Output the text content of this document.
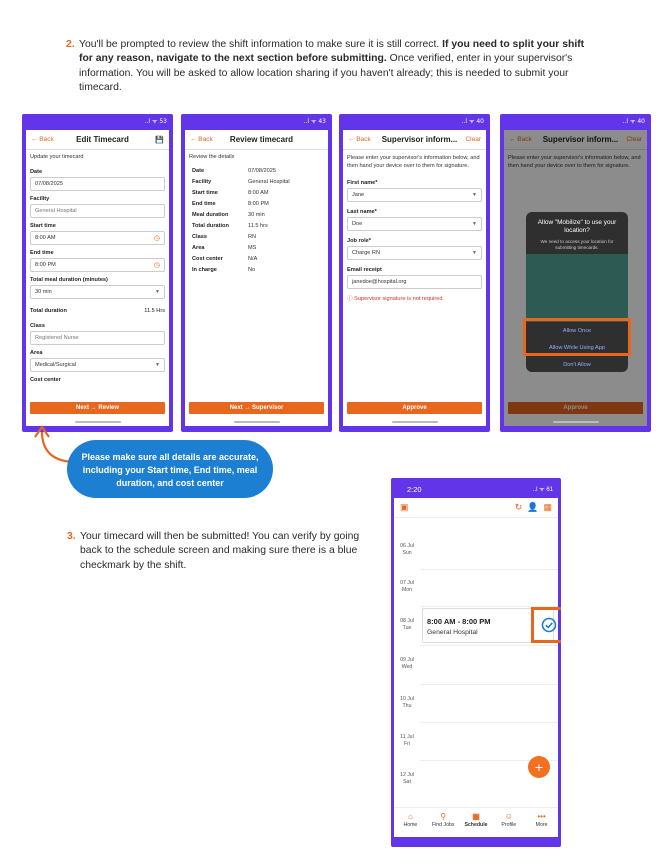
2. You'll be prompted to review the shift information to make sure it is still correct. If you need to split your shift for any reason, navigate to the next section before submitting. Once verified, enter in your supervisor's information. You will be asked to allow location sharing if you haven't already; this is needed to submit your timecard.
..l ᯤ 53
← Back	Edit Timecard	💾
Update your timecard
Date
07/08/2025
Facility
General Hospital
Start time
8:00 AM	◷
End time
8:00 PM	◷
Total meal duration (minutes)
30 min	▼
Total duration	11.5 Hrs
Class
Registered Nurse
Area
Medical/Surgical	▼
Cost center
Next → Review
..l ᯤ 43
← Back	Review timecard
Review the details
Date	07/08/2025
Facility	General Hospital
Start time	8:00 AM
End time	8:00 PM
Meal duration	30 min
Total duration	11.5 hrs
Class	RN
Area	MS
Cost center	N/A
In charge	No
Next → Supervisor
..l ᯤ 40
← Back	Supervisor inform...	Clear
Please enter your supervisor's information below, and then hand your device over to them for signature.
First name*
Jane	▼
Last name*
Doe	▼
Job role*
Charge RN	▼
Email receipt
janedoe@hospital.org
ⓘ Supervisor signature is not required.
Approve
..l ᯤ 40
← Back	Supervisor inform...	Clear
Please enter your supervisor's information below, and then hand your device over to them for signature.
Approve
Allow "Mobilize" to use your location?
We need to access your location for submitting timecards.
Allow Once
Allow While Using App
Don't Allow
Please make sure all details are accurate, including your Start time, End time, meal duration, and cost center
3. Your timecard will then be submitted! You can verify by going back to the schedule screen and making sure there is a blue checkmark by the shift.
2:20	..l ᯤ 61
▣	↻ 👤 ▦
06 Jul
Sun
07 Jul
Mon
08 Jul
Tue
8:00 AM - 8:00 PM
General Hospital
09 Jul
Wed
10 Jul
Thu
11 Jul
Fri
12 Jul
Sat
+
⌂
Home
⚲
Find Jobs
▦
Schedule
☺
Profile
•••
More
